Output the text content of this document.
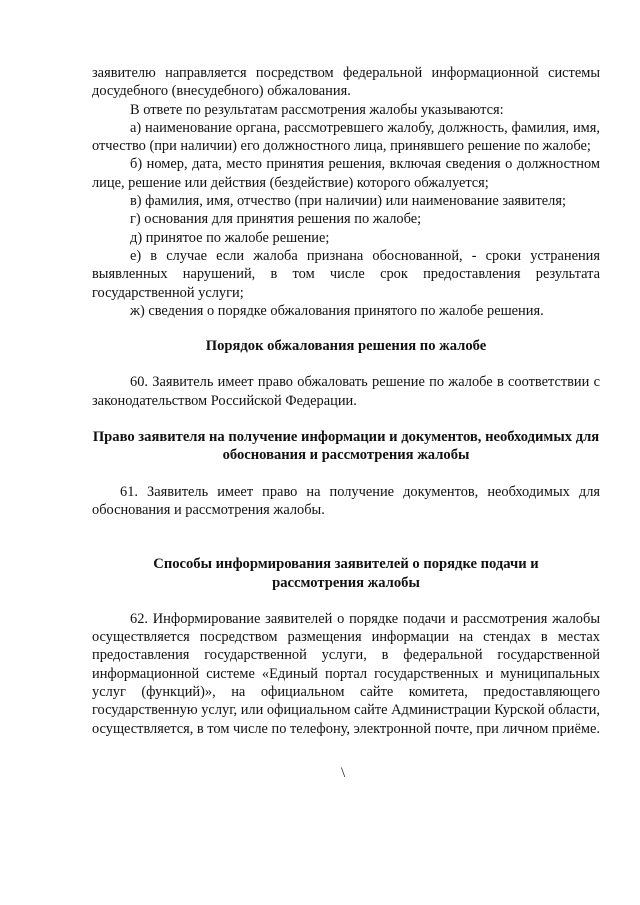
заявителю направляется посредством федеральной информационной системы досудебного (внесудебного) обжалования.

В ответе по результатам рассмотрения жалобы указываются:

а) наименование органа, рассмотревшего жалобу, должность, фамилия, имя, отчество (при наличии) его должностного лица, принявшего решение по жалобе;

б) номер, дата, место принятия решения, включая сведения о должностном лице, решение или действия (бездействие) которого обжалуется;

в) фамилия, имя, отчество (при наличии) или наименование заявителя;

г) основания для принятия решения по жалобе;

д) принятое по жалобе решение;

е) в случае если жалоба признана обоснованной, - сроки устранения выявленных нарушений, в том числе срок предоставления результата государственной услуги;

ж) сведения о порядке обжалования принятого по жалобе решения.

Порядок обжалования решения по жалобе

60. Заявитель имеет право обжаловать решение по жалобе в соответствии с законодательством Российской Федерации.

Право заявителя на получение информации и документов, необходимых для обоснования и рассмотрения жалобы

61. Заявитель имеет право на получение документов, необходимых для обоснования и рассмотрения жалобы.

Способы информирования заявителей о порядке подачи и рассмотрения жалобы

62. Информирование заявителей о порядке подачи и рассмотрения жалобы осуществляется посредством размещения информации на стендах в местах предоставления государственной услуги, в федеральной государственной информационной системе «Единый портал государственных и муниципальных услуг (функций)», на официальном сайте комитета, предоставляющего государственную услуг, или официальном сайте Администрации Курской области, осуществляется, в том числе по телефону, электронной почте, при личном приёме.

\
